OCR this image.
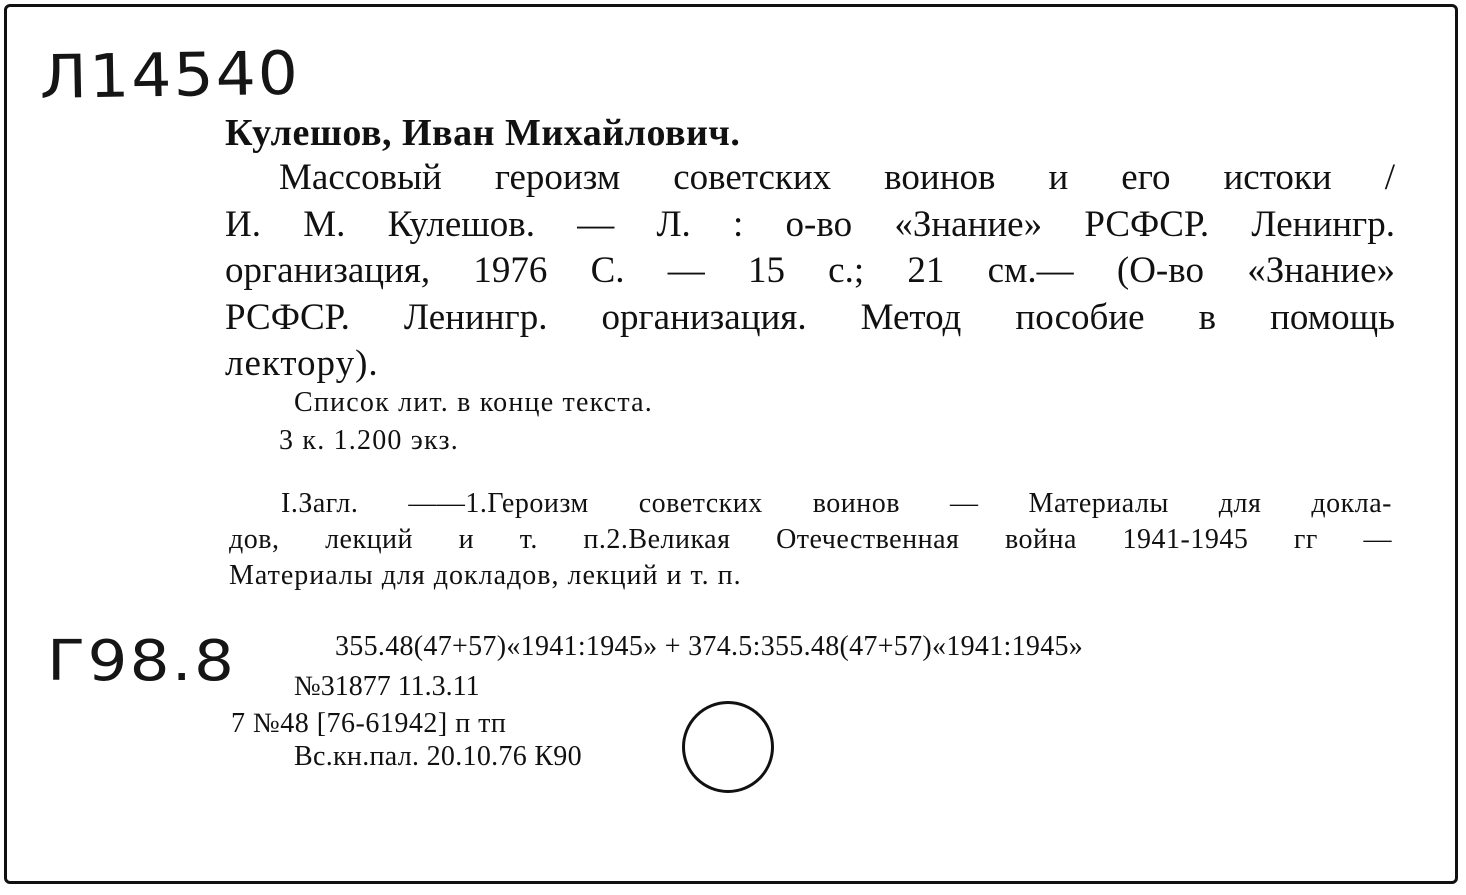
Л14540
Кулешов, Иван Михайлович.
Массовый героизм советских воинов и его истоки /
И. М. Кулешов. — Л. : о-во «Знание» РСФСР. Ленингр.
организация, 1976 С. — 15 с.; 21 см.— (О-во «Знание»
РСФСР. Ленингр. организация. Метод пособие в помощь
лектору).
Список лит. в конце текста.
3 к. 1.200 экз.
I.Загл. ——1.Героизм советских воинов — Материалы для докла-
дов, лекций и т. п.2.Великая Отечественная война 1941-1945 гг —
Материалы для докладов, лекций и т. п.
Г98.8	355.48(47+57)«1941:1945» + 374.5:355.48(47+57)«1941:1945»
№31877 11.3.11
7 №48 [76-61942] п тп
Вс.кн.пал. 20.10.76 К90
